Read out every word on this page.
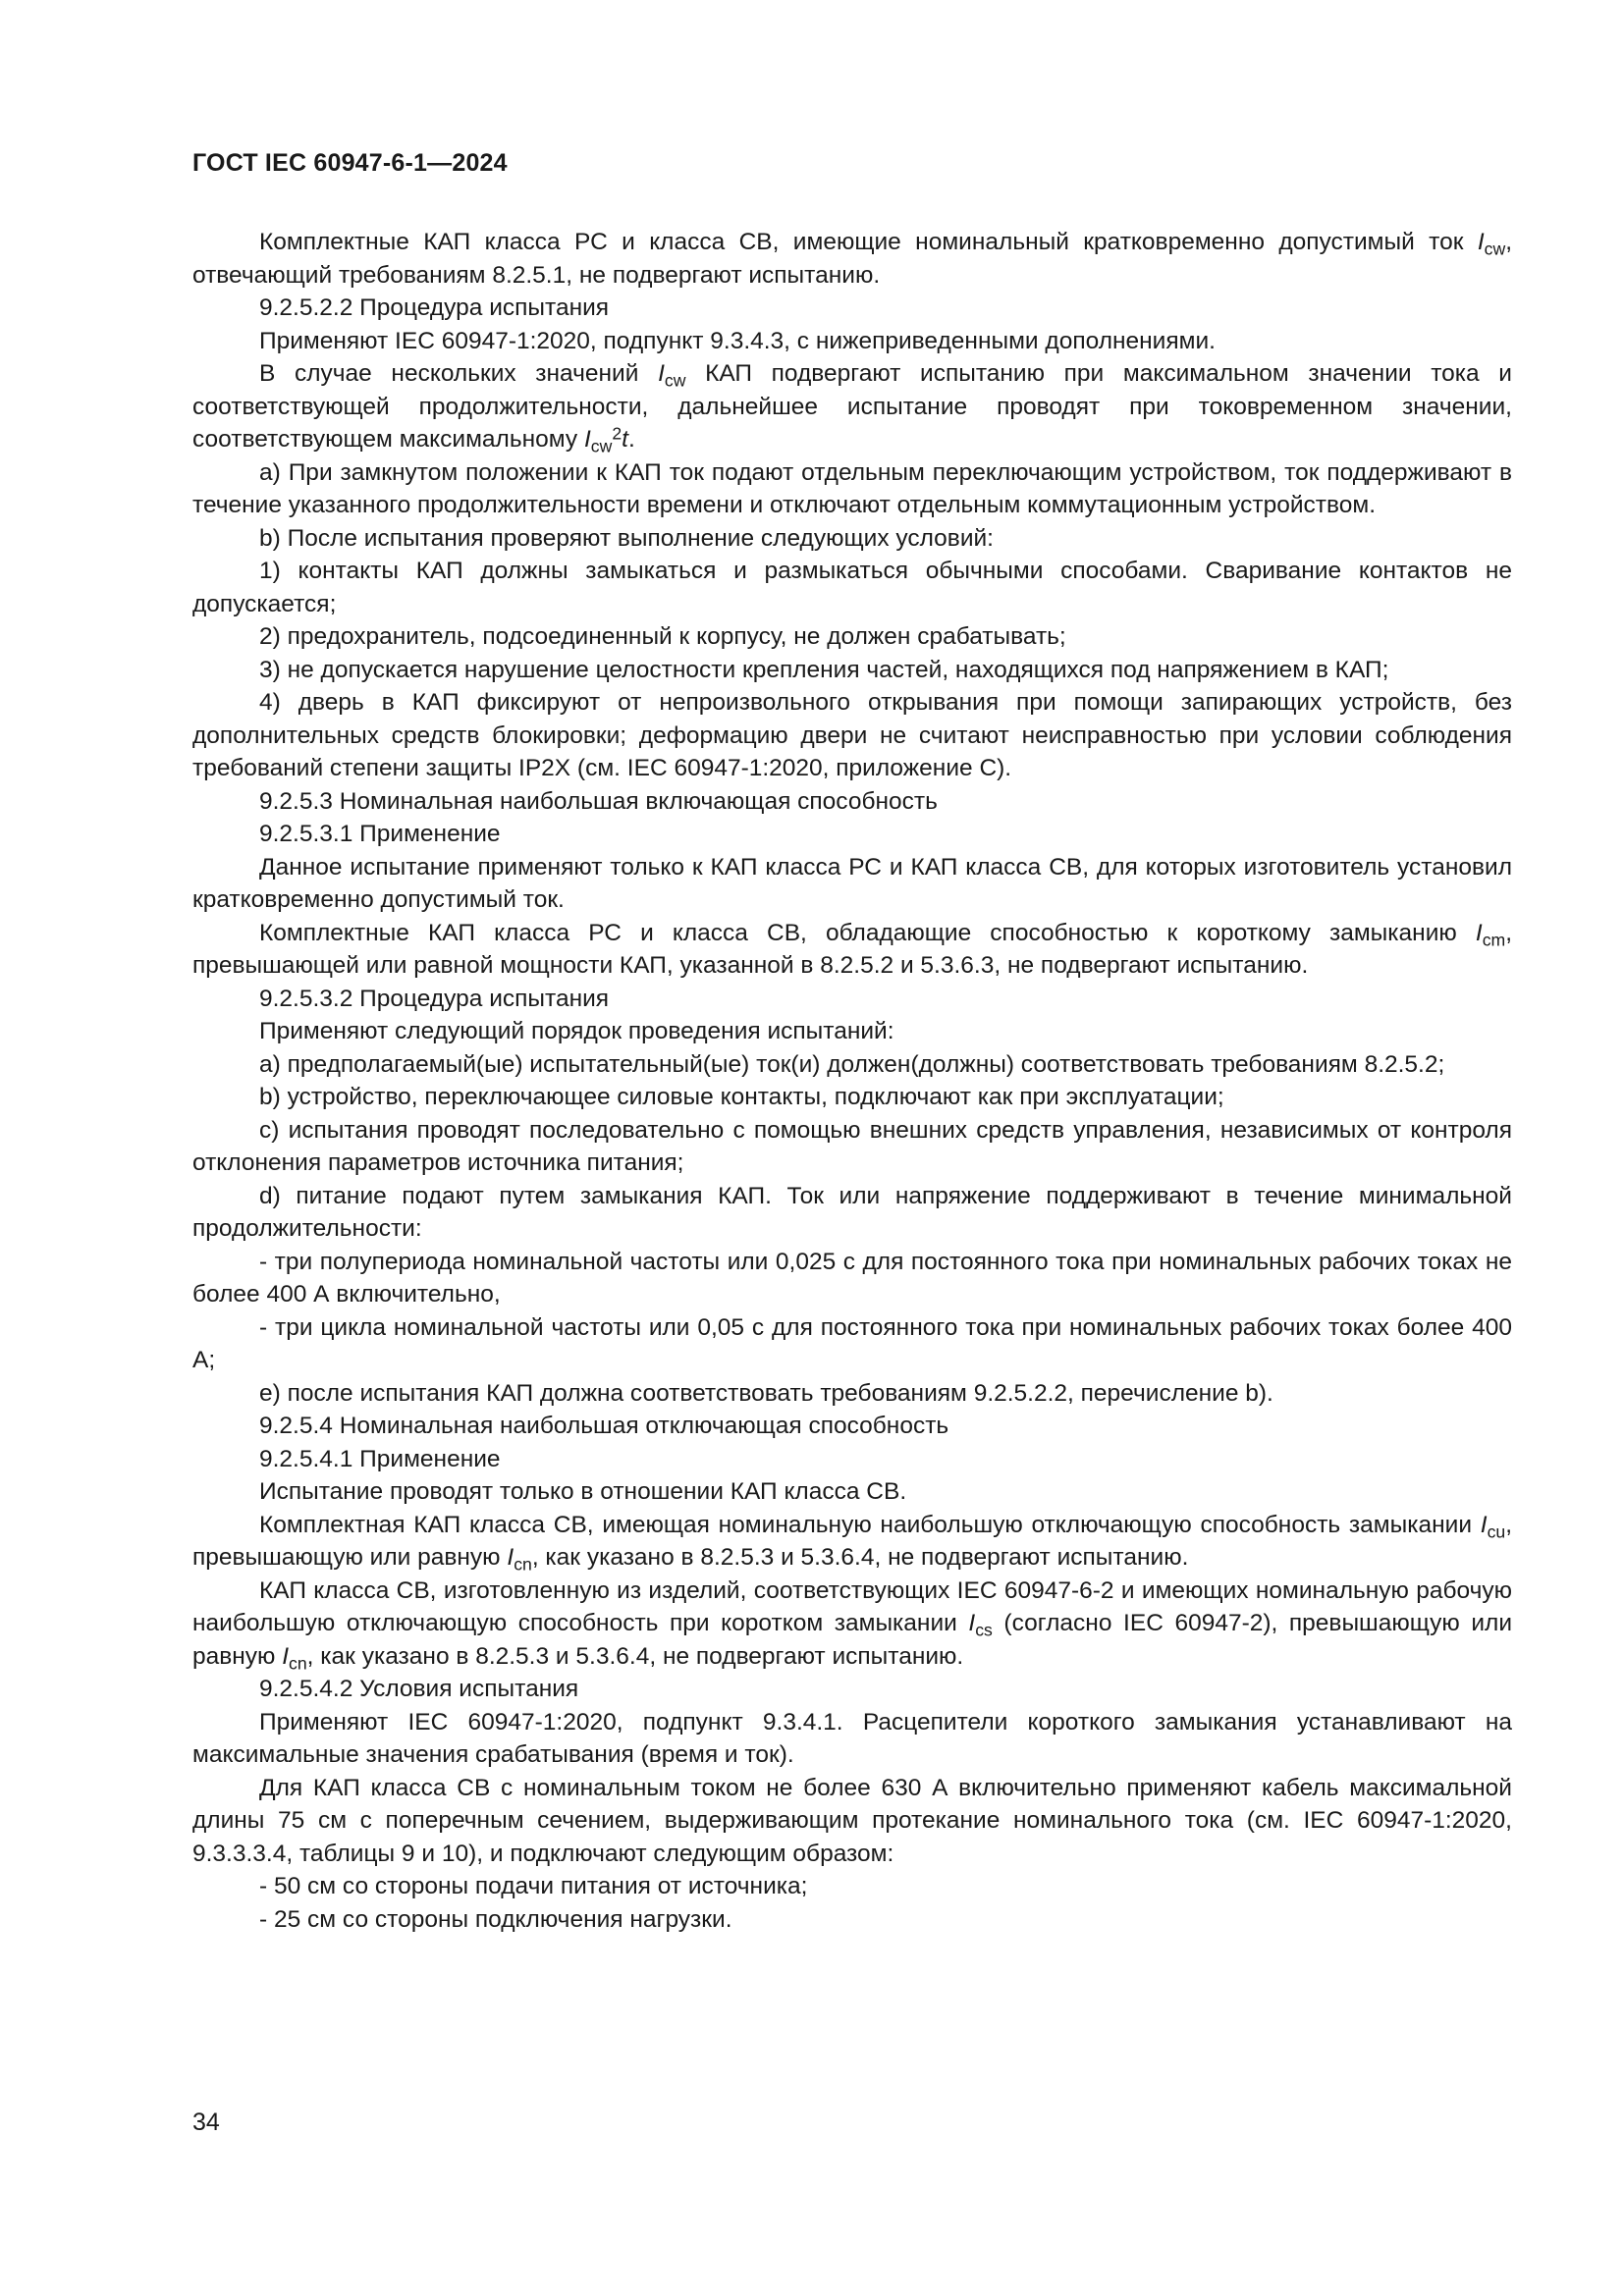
ГОСТ IEC 60947-6-1—2024

Комплектные КАП класса РС и класса СВ, имеющие номинальный кратковременно допустимый ток $I_{cw}$, отвечающий требованиям 8.2.5.1, не подвергают испытанию.

9.2.5.2.2 Процедура испытания

Применяют IEC 60947-1:2020, подпункт 9.3.4.3, с нижеприведенными дополнениями.

В случае нескольких значений $I_{cw}$ КАП подвергают испытанию при максимальном значении тока и соответствующей продолжительности, дальнейшее испытание проводят при токовременном значении, соответствующем максимальному $I_{cw}^2t$.

а) При замкнутом положении к КАП ток подают отдельным переключающим устройством, ток поддерживают в течение указанного продолжительности времени и отключают отдельным коммутационным устройством.

b) После испытания проверяют выполнение следующих условий:

1) контакты КАП должны замыкаться и размыкаться обычными способами. Сваривание контактов не допускается;

2) предохранитель, подсоединенный к корпусу, не должен срабатывать;

3) не допускается нарушение целостности крепления частей, находящихся под напряжением в КАП;

4) дверь в КАП фиксируют от непроизвольного открывания при помощи запирающих устройств, без дополнительных средств блокировки; деформацию двери не считают неисправностью при условии соблюдения требований степени защиты IP2X (см. IEC 60947-1:2020, приложение С).

9.2.5.3 Номинальная наибольшая включающая способность

9.2.5.3.1 Применение

Данное испытание применяют только к КАП класса РС и КАП класса СВ, для которых изготовитель установил кратковременно допустимый ток.

Комплектные КАП класса РС и класса СВ, обладающие способностью к короткому замыканию $I_{cm}$, превышающей или равной мощности КАП, указанной в 8.2.5.2 и 5.3.6.3, не подвергают испытанию.

9.2.5.3.2 Процедура испытания

Применяют следующий порядок проведения испытаний:

а) предполагаемый(ые) испытательный(ые) ток(и) должен(должны) соответствовать требованиям 8.2.5.2;

b) устройство, переключающее силовые контакты, подключают как при эксплуатации;

c) испытания проводят последовательно с помощью внешних средств управления, независимых от контроля отклонения параметров источника питания;

d) питание подают путем замыкания КАП. Ток или напряжение поддерживают в течение минимальной продолжительности:

- три полупериода номинальной частоты или 0,025 с для постоянного тока при номинальных рабочих токах не более 400 А включительно,

- три цикла номинальной частоты или 0,05 с для постоянного тока при номинальных рабочих токах более 400 А;

е) после испытания КАП должна соответствовать требованиям 9.2.5.2.2, перечисление b).

9.2.5.4 Номинальная наибольшая отключающая способность

9.2.5.4.1 Применение

Испытание проводят только в отношении КАП класса СВ.

Комплектная КАП класса СВ, имеющая номинальную наибольшую отключающую способность замыкании $I_{cu}$, превышающую или равную $I_{cn}$, как указано в 8.2.5.3 и 5.3.6.4, не подвергают испытанию.

КАП класса СВ, изготовленную из изделий, соответствующих IEC 60947-6-2 и имеющих номинальную рабочую наибольшую отключающую способность при коротком замыкании $I_{cs}$ (согласно IEC 60947-2), превышающую или равную $I_{cn}$, как указано в 8.2.5.3 и 5.3.6.4, не подвергают испытанию.

9.2.5.4.2 Условия испытания

Применяют IEC 60947-1:2020, подпункт 9.3.4.1. Расцепители короткого замыкания устанавливают на максимальные значения срабатывания (время и ток).

Для КАП класса СВ с номинальным током не более 630 А включительно применяют кабель максимальной длины 75 см с поперечным сечением, выдерживающим протекание номинального тока (см. IEC 60947-1:2020, 9.3.3.3.4, таблицы 9 и 10), и подключают следующим образом:

- 50 см со стороны подачи питания от источника;

- 25 см со стороны подключения нагрузки.

34
